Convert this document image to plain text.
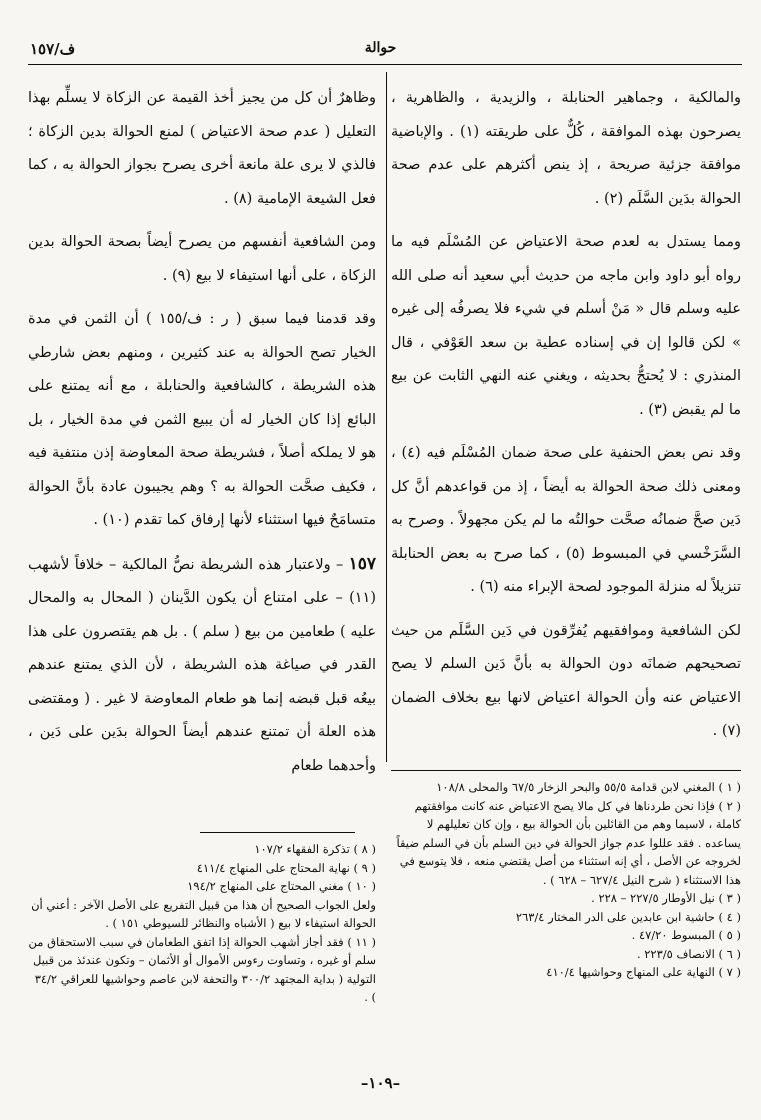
حوالة
ف/١٥٧

والمالكية ، وجماهير الحنابلة ، والزيدية ، والظاهرية ، يصرحون بهذه الموافقة ، كُلٌّ على طريقته (١) . والإباضية موافقة جزئية صريحة ، إذ ينص أكثرهم على عدم صحة الحوالة بدَين السَّلَم (٢) .

ومما يستدل به لعدم صحة الاعتياض عن المُسْلَم فيه ما رواه أبو داود وابن ماجه من حديث أبي سعيد أنه صلى الله عليه وسلم قال « مَنْ أسلم في شيء فلا يصرفُه إلى غيره » لكن قالوا إن في إسناده عطية بن سعد العَوْفي ، قال المنذري : لا يُحتجُّ بحديثه ، ويغني عنه النهي الثابت عن بيع ما لم يقبض (٣) .

وقد نص بعض الحنفية على صحة ضمان المُسْلَم فيه (٤) ، ومعنى ذلك صحة الحوالة به أيضاً ، إذ من قواعدهم أنَّ كل دَين صحَّ ضمانُه صحَّت حوالتُه ما لم يكن مجهولاً . وصرح به السَّرَخْسي في المبسوط (٥) ، كما صرح به بعض الحنابلة تنزيلاً له منزلة الموجود لصحة الإبراء منه (٦) .

لكن الشافعية وموافقيهم يُفرِّقون في دَين السَّلَم من حيث تصحيحهم ضمانَه دون الحوالة به بأنَّ دَين السلم لا يصح الاعتياض عنه وأن الحوالة اعتياض لانها بيع بخلاف الضمان (٧) .

وظاهرٌ أن كل من يجيز أخذ القيمة عن الزكاة لا يسلِّم بهذا التعليل ( عدم صحة الاعتياض ) لمنع الحوالة بدين الزكاة ؛ فالذي لا يرى علة مانعة أخرى يصرح بجواز الحوالة به ، كما فعل الشيعة الإمامية (٨) .

ومن الشافعية أنفسهم من يصرح أيضاً بصحة الحوالة بدين الزكاة ، على أنها استيفاء لا بيع (٩) .

وقد قدمنا فيما سبق ( ر : ف/١٥٥ ) أن الثمن في مدة الخيار تصح الحوالة به عند كثيرين ، ومنهم بعض شارطي هذه الشريطة ، كالشافعية والحنابلة ، مع أنه يمتنع على البائع إذا كان الخيار له أن يبيع الثمن في مدة الخيار ، بل هو لا يملكه أصلاً ، فشريطة صحة المعاوضة إذن منتفية فيه ، فكيف صحَّت الحوالة به ؟ وهم يجيبون عادة بأنَّ الحوالة متسامَحٌ فيها استثناء لأنها إرفاق كما تقدم (١٠) .

١٥٧ – ولاعتبار هذه الشريطة نصُّ المالكية – خلافاً لأشهب (١١) – على امتناع أن يكون الدَّينان ( المحال به والمحال عليه ) طعامين من بيع ( سلم ) . بل هم يقتصرون على هذا القدر في صياغة هذه الشريطة ، لأن الذي يمتنع عندهم بيعُه قبل قبضه إنما هو طعام المعاوضة لا غير . ( ومقتضى هذه العلة أن تمتنع عندهم أيضاً الحوالة بدَين على دَين ، وأحدهما طعام

( ٨ ) تذكرة الفقهاء ١٠٧/٢

( ٩ ) نهاية المحتاج على المنهاج ٤١١/٤

( ١٠ ) مغني المحتاج على المنهاج ١٩٤/٢

ولعل الجواب الصحيح أن هذا من قبيل التفريع على الأصل الآخر : أعني أن الحوالة استيفاء لا بيع ( الأشباه والنظائر للسيوطي ١٥١ ) .

( ١١ ) فقد أجاز أشهب الحوالة إذا اتفق الطعامان في سبب الاستحقاق من سلم أو غيره ، وتساوت رءوس الأموال أو الأثمان – وتكون عندئذ من قبيل التولية ( بداية المجتهد ٣٠٠/٢ والتحفة لابن عاصم وحواشيها للعراقي ٣٤/٢ ) .

( ١ ) المغني لابن قدامة ٥٥/٥ والبحر الزخار ٦٧/٥ والمحلى ١٠٨/٨

( ٢ ) فإذا نحن طردناها في كل مالا يصح الاعتياض عنه كانت موافقتهم كاملة ، لاسيما وهم من القائلين بأن الحوالة بيع ، وإن كان تعليلهم لا يساعده . فقد عللوا عدم جواز الحوالة في دين السلم بأن في السلم ضيقاً لخروجه عن الأصل ، أي إنه استثناء من أصل يقتضي منعه ، فلا يتوسع في هذا الاستثناء ( شرح النيل ٦٢٧/٤ – ٦٢٨ ) .

( ٣ ) نيل الأوطار ٢٢٧/٥ – ٢٢٨ .

( ٤ ) حاشية ابن عابدين على الدر المختار ٢٦٣/٤

( ٥ ) المبسوط ٤٧/٢٠ .

( ٦ ) الانصاف ٢٢٣/٥ .

( ٧ ) النهاية على المنهاج وحواشيها ٤١٠/٤

–١٠٩–
